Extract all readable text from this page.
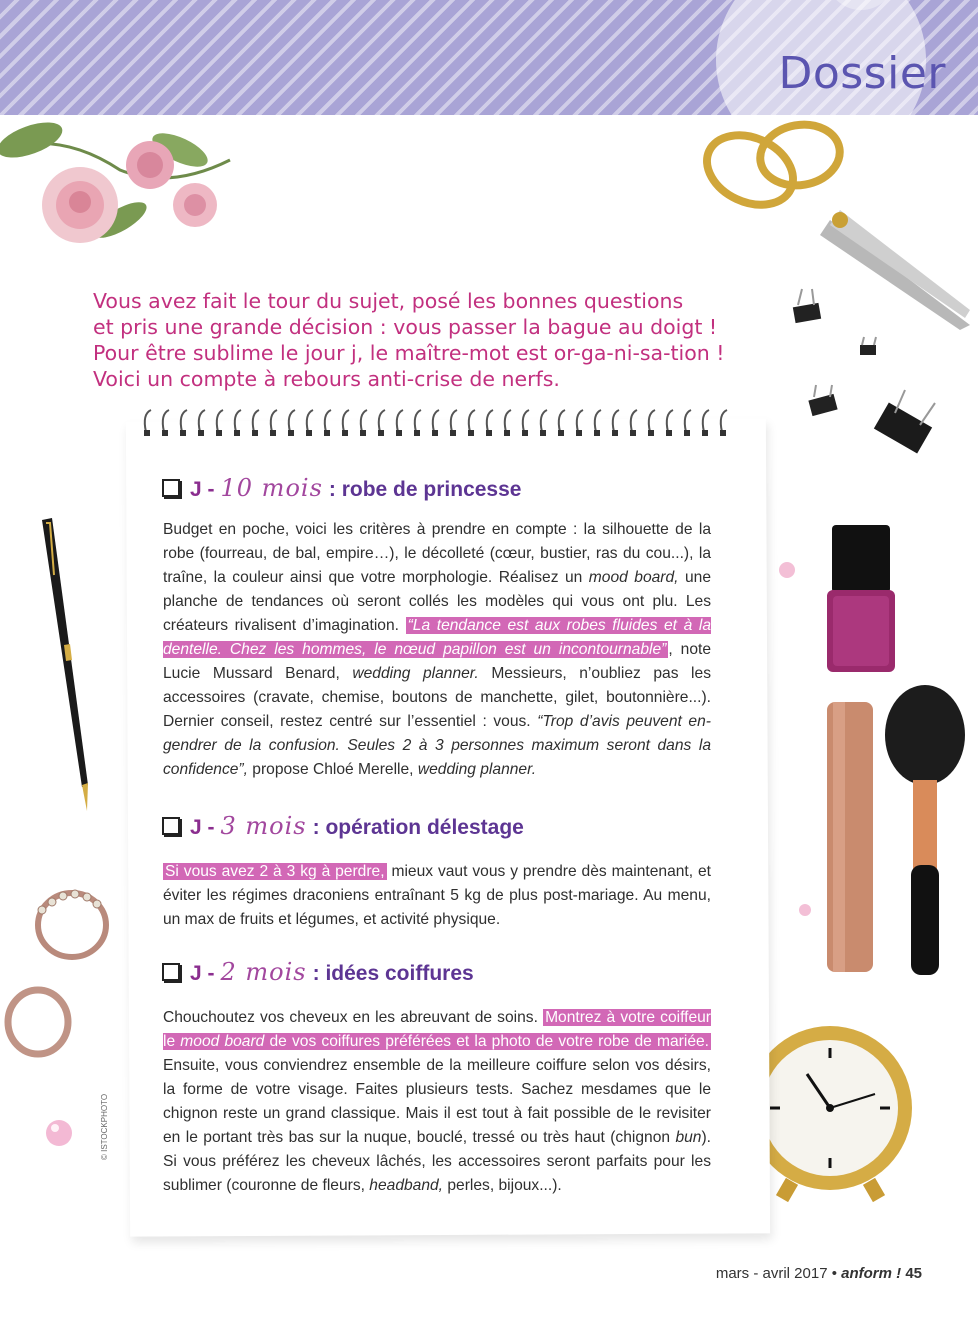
Dossier
Vous avez fait le tour du sujet, posé les bonnes questions
et pris une grande décision : vous passer la bague au doigt !
Pour être sublime le jour j, le maître-mot est or-ga-ni-sa-tion !
Voici un compte à rebours anti-crise de nerfs.
J - 10 mois : robe de princesse
Budget en poche, voici les critères à prendre en compte : la silhouette de la robe (fourreau, de bal, empire…), le décolleté (cœur, bustier, ras du cou...), la traîne, la couleur ainsi que votre morphologie. Réalisez un mood board, une planche de tendances où seront collés les modèles qui vous ont plu. Les créateurs rivalisent d’imagination. “La tendance est aux robes fluides et à la dentelle. Chez les hommes, le nœud papillon est un incontournable” , note Lucie Mussard Benard, wedding planner. Messieurs, n’oubliez pas les accessoires (cravate, chemise, boutons de manchette, gilet, boutonnière...). Dernier conseil, restez centré sur l’essentiel : vous. “Trop d’avis peuvent engendrer de la confusion. Seules 2 à 3 personnes maximum seront dans la confidence”, propose Chloé Merelle, wedding planner.
J - 3 mois : opération délestage
Si vous avez 2 à 3 kg à perdre, mieux vaut vous y prendre dès maintenant, et éviter les régimes draconiens entraînant 5 kg de plus post-mariage. Au menu, un max de fruits et légumes, et activité physique.
J - 2 mois : idées coiffures
Chouchoutez vos cheveux en les abreuvant de soins. Montrez à votre coiffeur le mood board de vos coiffures préférées et la photo de votre robe de mariée. Ensuite, vous conviendrez ensemble de la meilleure coiffure selon vos désirs, la forme de votre visage. Faites plusieurs tests. Sachez mesdames que le chignon reste un grand classique. Mais il est tout à fait possible de le revisiter en le portant très bas sur la nuque, bouclé, tressé ou très haut (chignon bun). Si vous préférez les cheveux lâchés, les accessoires seront parfaits pour les sublimer (couronne de fleurs, headband, perles, bijoux...).
© ISTOCKPHOTO
mars - avril 2017 • anform ! 45
